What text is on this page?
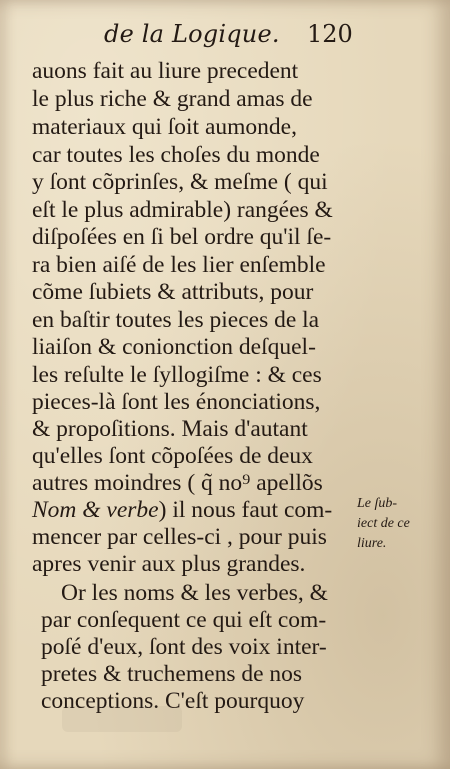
de la Logique. 120
auons fait au liure precedent
le plus riche & grand amas de
materiaux qui ſoit aumonde,
car toutes les choſes du monde
y ſont cõprinſes, & meſme ( qui
eſt le plus admirable) rangées &
diſpoſées en ſi bel ordre qu'il ſe-
ra bien aiſé de les lier enſemble
cõme ſubiets & attributs, pour
en baſtir toutes les pieces de la
liaiſon & conionction deſquel-
les reſulte le ſyllogiſme : & ces
pieces-là ſont les énonciations,
& propoſitions. Mais d'autant
qu'elles ſont cõpoſées de deux
autres moindres ( q̃ no⁹ apellõs
Nom & verbe) il nous faut com-
mencer par celles-ci , pour puis
apres venir aux plus grandes.
Or les noms & les verbes, &
par conſequent ce qui eſt com-
poſé d'eux, ſont des voix inter-
pretes & truchemens de nos
conceptions. C'eſt pourquoy
Le ſub-
iect de ce
liure.
